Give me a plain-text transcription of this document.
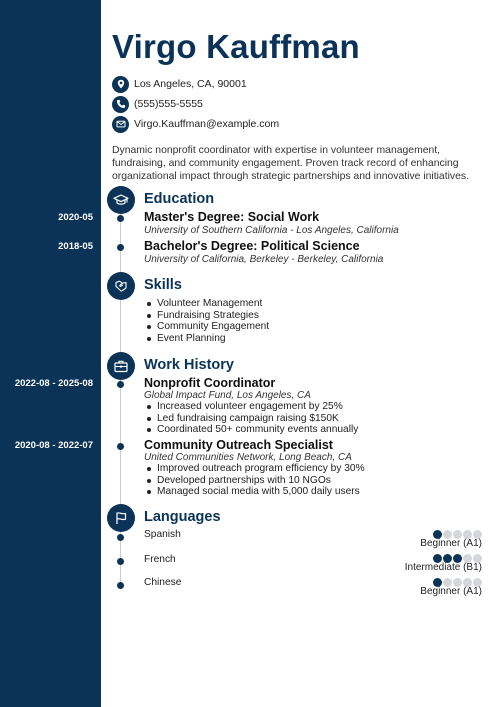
Virgo Kauffman
Los Angeles, CA, 90001
(555)555-5555
Virgo.Kauffman@example.com
Dynamic nonprofit coordinator with expertise in volunteer management, fundraising, and community engagement. Proven track record of enhancing organizational impact through strategic partnerships and innovative initiatives.
Education
2020-05	Master's Degree: Social Work
University of Southern California - Los Angeles, California
2018-05	Bachelor's Degree: Political Science
University of California, Berkeley - Berkeley, California
Skills
Volunteer Management
Fundraising Strategies
Community Engagement
Event Planning
Work History
2022-08 - 2025-08	Nonprofit Coordinator
Global Impact Fund, Los Angeles, CA
Increased volunteer engagement by 25%
Led fundraising campaign raising $150K
Coordinated 50+ community events annually
2020-08 - 2022-07	Community Outreach Specialist
United Communities Network, Long Beach, CA
Improved outreach program efficiency by 30%
Developed partnerships with 10 NGOs
Managed social media with 5,000 daily users
Languages
Spanish
Beginner (A1)
French
Intermediate (B1)
Chinese
Beginner (A1)
